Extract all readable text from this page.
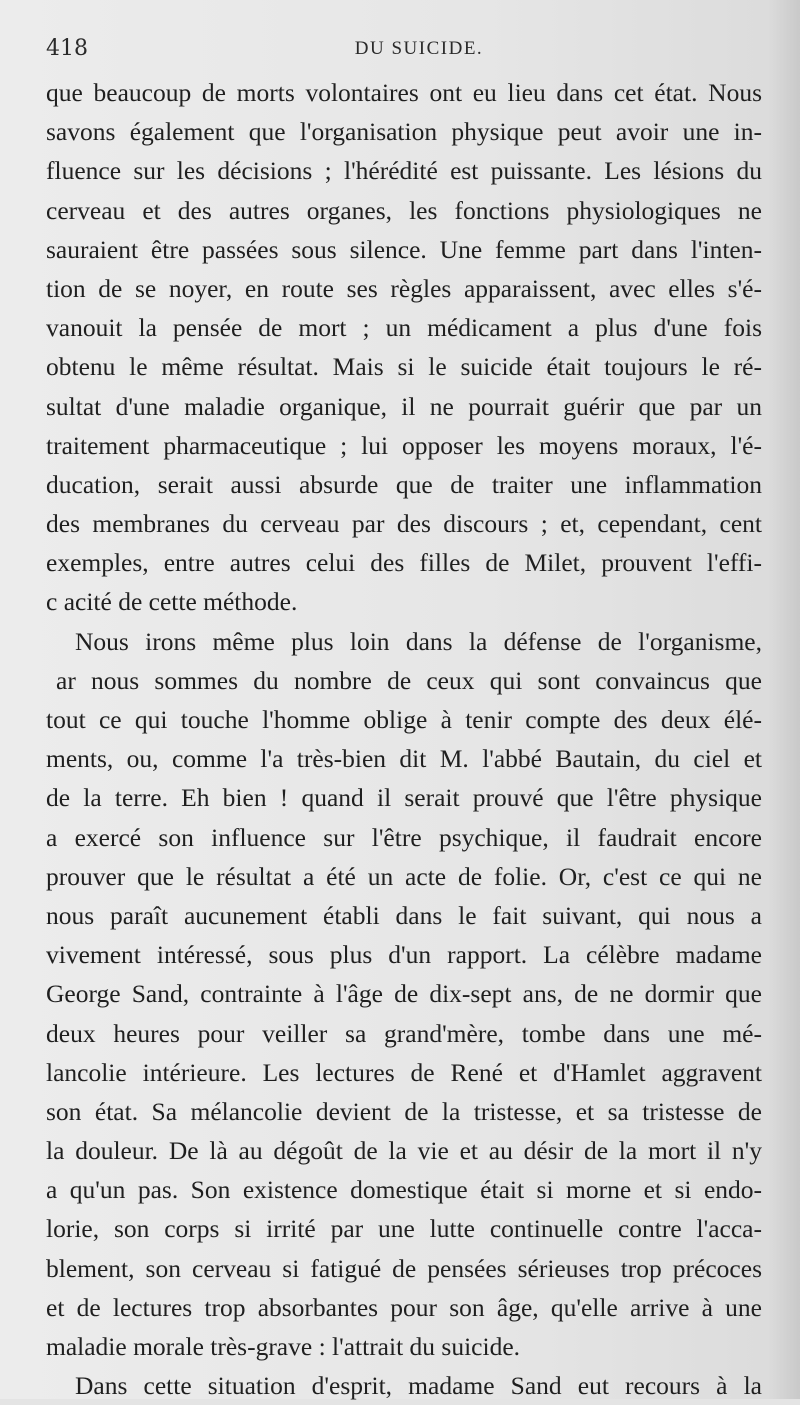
418	DU SUICIDE.
que beaucoup de morts volontaires ont eu lieu dans cet état. Nous
savons également que l'organisation physique peut avoir une in-
fluence sur les décisions ; l'hérédité est puissante. Les lésions du
cerveau et des autres organes, les fonctions physiologiques ne
sauraient être passées sous silence. Une femme part dans l'inten-
tion de se noyer, en route ses règles apparaissent, avec elles s'é-
vanouit la pensée de mort ; un médicament a plus d'une fois
obtenu le même résultat. Mais si le suicide était toujours le ré-
sultat d'une maladie organique, il ne pourrait guérir que par un
traitement pharmaceutique ; lui opposer les moyens moraux, l'é-
ducation, serait aussi absurde que de traiter une inflammation
des membranes du cerveau par des discours ; et, cependant, cent
exemples, entre autres celui des filles de Milet, prouvent l'effi-
c acité de cette méthode.
Nous irons même plus loin dans la défense de l'organisme,
ar nous sommes du nombre de ceux qui sont convaincus que
tout ce qui touche l'homme oblige à tenir compte des deux élé-
ments, ou, comme l'a très-bien dit M. l'abbé Bautain, du ciel et
de la terre. Eh bien ! quand il serait prouvé que l'être physique
a exercé son influence sur l'être psychique, il faudrait encore
prouver que le résultat a été un acte de folie. Or, c'est ce qui ne
nous paraît aucunement établi dans le fait suivant, qui nous a
vivement intéressé, sous plus d'un rapport. La célèbre madame
George Sand, contrainte à l'âge de dix-sept ans, de ne dormir que
deux heures pour veiller sa grand'mère, tombe dans une mé-
lancolie intérieure. Les lectures de René et d'Hamlet aggravent
son état. Sa mélancolie devient de la tristesse, et sa tristesse de
la douleur. De là au dégoût de la vie et au désir de la mort il n'y
a qu'un pas. Son existence domestique était si morne et si endo-
lorie, son corps si irrité par une lutte continuelle contre l'acca-
blement, son cerveau si fatigué de pensées sérieuses trop précoces
et de lectures trop absorbantes pour son âge, qu'elle arrive à une
maladie morale très-grave : l'attrait du suicide.
Dans cette situation d'esprit, madame Sand eut recours à la
